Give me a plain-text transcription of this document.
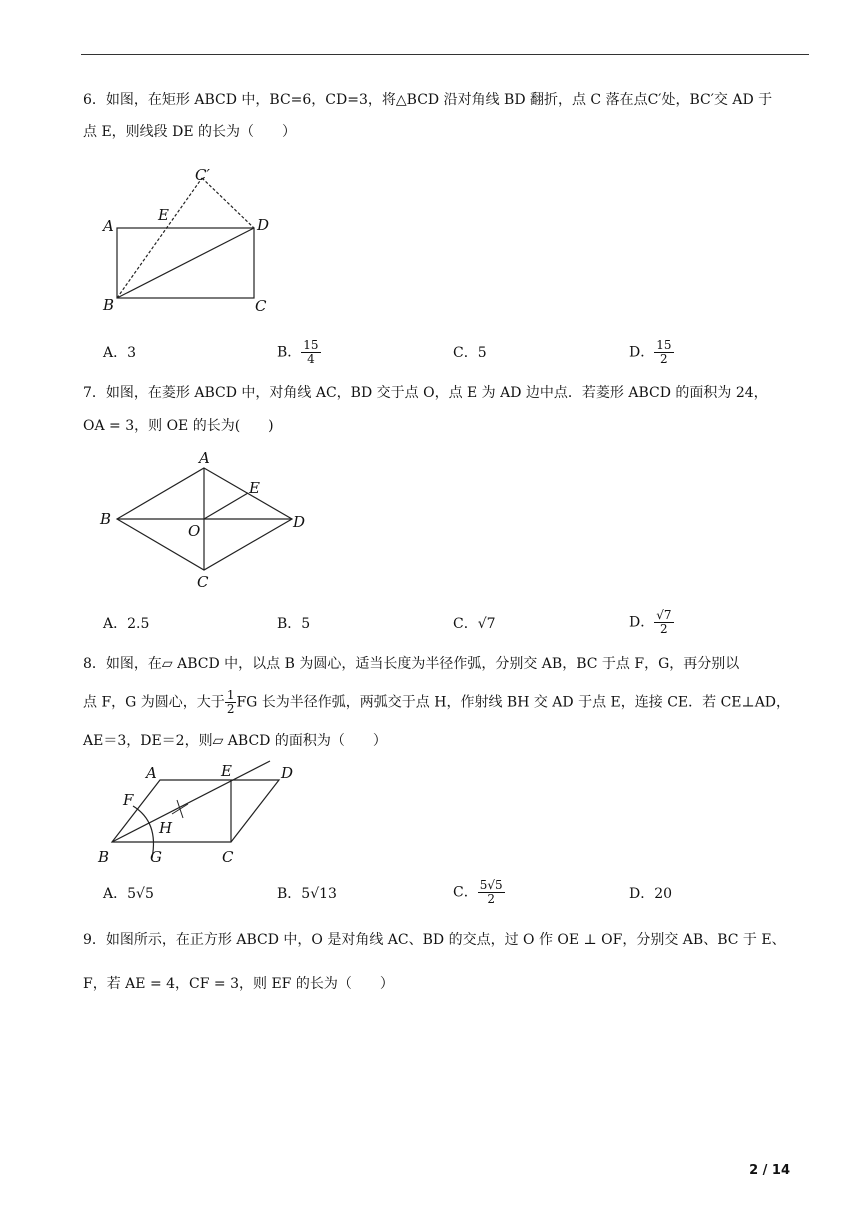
6．如图，在矩形 ABCD 中，BC=6，CD=3，将△BCD 沿对角线 BD 翻折，点 C 落在点C′处，BC′交 AD 于
点 E，则线段 DE 的长为（　　）
A
B	C
D
E
C′
A．3	B． $\frac{15}{4}$	C．5	D． $\frac{15}{2}$
7．如图，在菱形 ABCD 中，对角线 AC，BD 交于点 O，点 E 为 AD 边中点．若菱形 ABCD 的面积为 24，
OA = 3，则 OE 的长为(　　)
A
B
C
D
E
O
A．2.5	B．5	C．√7	D． $\frac{√7}{2}$
8．如图，在▱ ABCD 中，以点 B 为圆心，适当长度为半径作弧，分别交 AB，BC 于点 F，G，再分别以
点 F，G 为圆心，大于 $\frac{1}{2}$ FG 长为半径作弧，两弧交于点 H，作射线 BH 交 AD 于点 E，连接 CE．若 CE⊥AD，
AE＝3，DE＝2，则▱ ABCD 的面积为（　　）
A
B	C
D
E
F
G
H
A．5√5	B．5√13	C． $\frac{5√5}{2}$	D．20
9．如图所示，在正方形 ABCD 中，O 是对角线 AC、BD 的交点，过 O 作 OE ⊥ OF，分别交 AB、BC 于 E、
F，若 AE = 4，CF = 3，则 EF 的长为（　　）
2 / 14
